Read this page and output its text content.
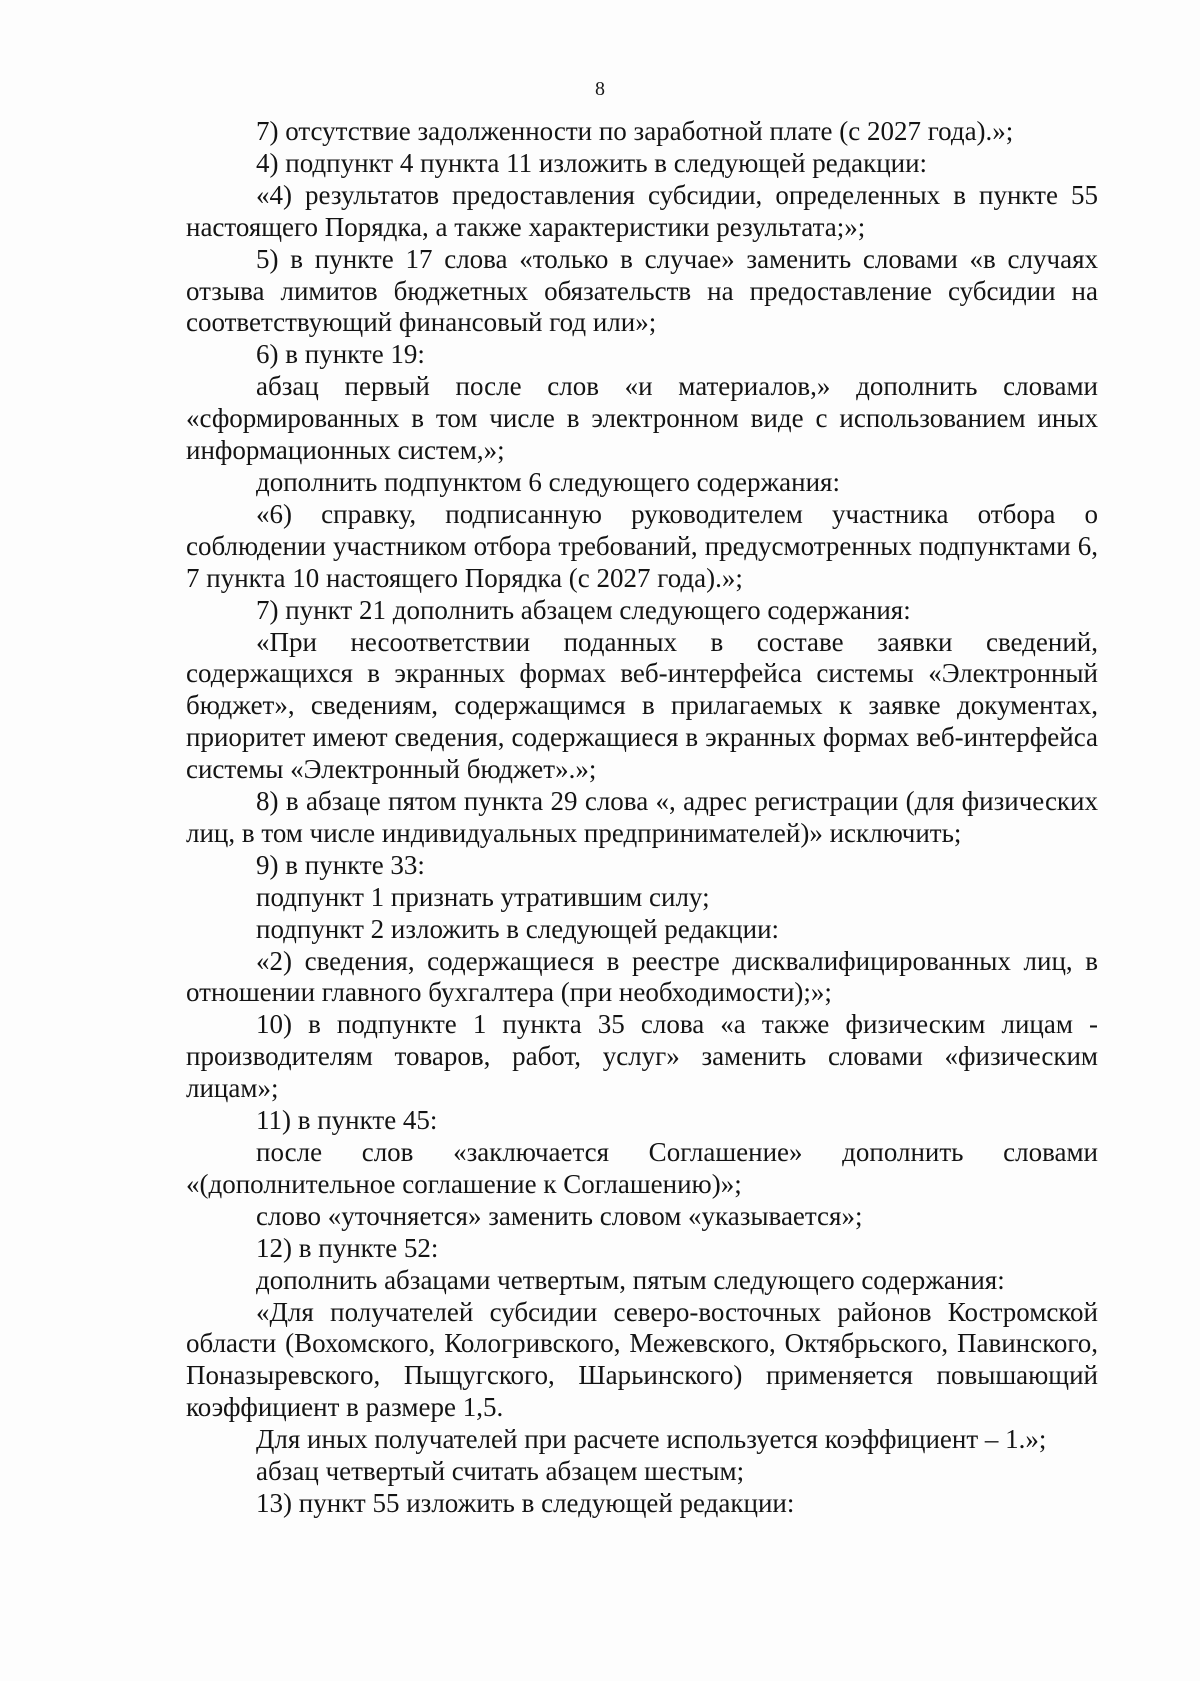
8

7) отсутствие задолженности по заработной плате (с 2027 года).»;

4) подпункт 4 пункта 11 изложить в следующей редакции:

«4) результатов предоставления субсидии, определенных в пункте 55 настоящего Порядка, а также характеристики результата;»;

5) в пункте 17 слова «только в случае» заменить словами «в случаях отзыва лимитов бюджетных обязательств на предоставление субсидии на соответствующий финансовый год или»;

6) в пункте 19:

абзац первый после слов «и материалов,» дополнить словами «сформированных в том числе в электронном виде с использованием иных информационных систем,»;

дополнить подпунктом 6 следующего содержания:

«6) справку, подписанную руководителем участника отбора о соблюдении участником отбора требований, предусмотренных подпунктами 6, 7 пункта 10 настоящего Порядка (с 2027 года).»;

7) пункт 21 дополнить абзацем следующего содержания:

«При несоответствии поданных в составе заявки сведений, содержащихся в экранных формах веб-интерфейса системы «Электронный бюджет», сведениям, содержащимся в прилагаемых к заявке документах, приоритет имеют сведения, содержащиеся в экранных формах веб-интерфейса системы «Электронный бюджет».»;

8) в абзаце пятом пункта 29 слова «, адрес регистрации (для физических лиц, в том числе индивидуальных предпринимателей)» исключить;

9) в пункте 33:

подпункт 1 признать утратившим силу;

подпункт 2 изложить в следующей редакции:

«2) сведения, содержащиеся в реестре дисквалифицированных лиц, в отношении главного бухгалтера (при необходимости);»;

10) в подпункте 1 пункта 35 слова «а также физическим лицам - производителям товаров, работ, услуг» заменить словами «физическим лицам»;

11) в пункте 45:

после слов «заключается Соглашение» дополнить словами «(дополнительное соглашение к Соглашению)»;

слово «уточняется» заменить словом «указывается»;

12) в пункте 52:

дополнить абзацами четвертым, пятым следующего содержания:

«Для получателей субсидии северо-восточных районов Костромской области (Вохомского, Кологривского, Межевского, Октябрьского, Павинского, Поназыревского, Пыщугского, Шарьинского) применяется повышающий коэффициент в размере 1,5.

Для иных получателей при расчете используется коэффициент – 1.»;

абзац четвертый считать абзацем шестым;

13) пункт 55 изложить в следующей редакции:
